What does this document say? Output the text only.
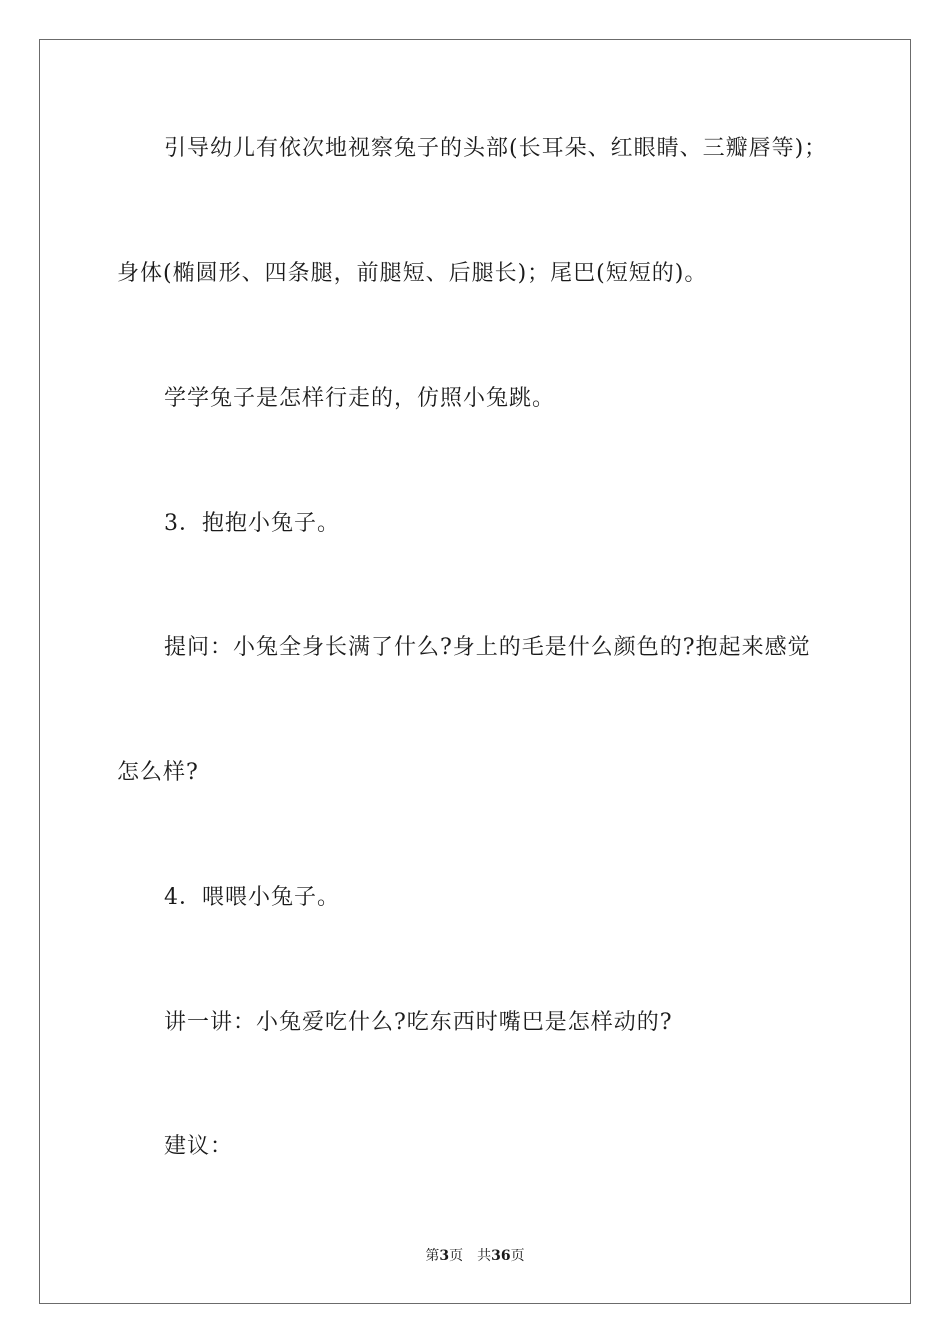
引导幼儿有依次地视察兔子的头部(长耳朵、红眼睛、三瓣唇等)；
身体(椭圆形、四条腿，前腿短、后腿长)；尾巴(短短的)。
学学兔子是怎样行走的，仿照小兔跳。
3．抱抱小兔子。
提问：小兔全身长满了什么?身上的毛是什么颜色的?抱起来感觉
怎么样?
4．喂喂小兔子。
讲一讲：小兔爱吃什么?吃东西时嘴巴是怎样动的?
建议：
第3页 共36页
